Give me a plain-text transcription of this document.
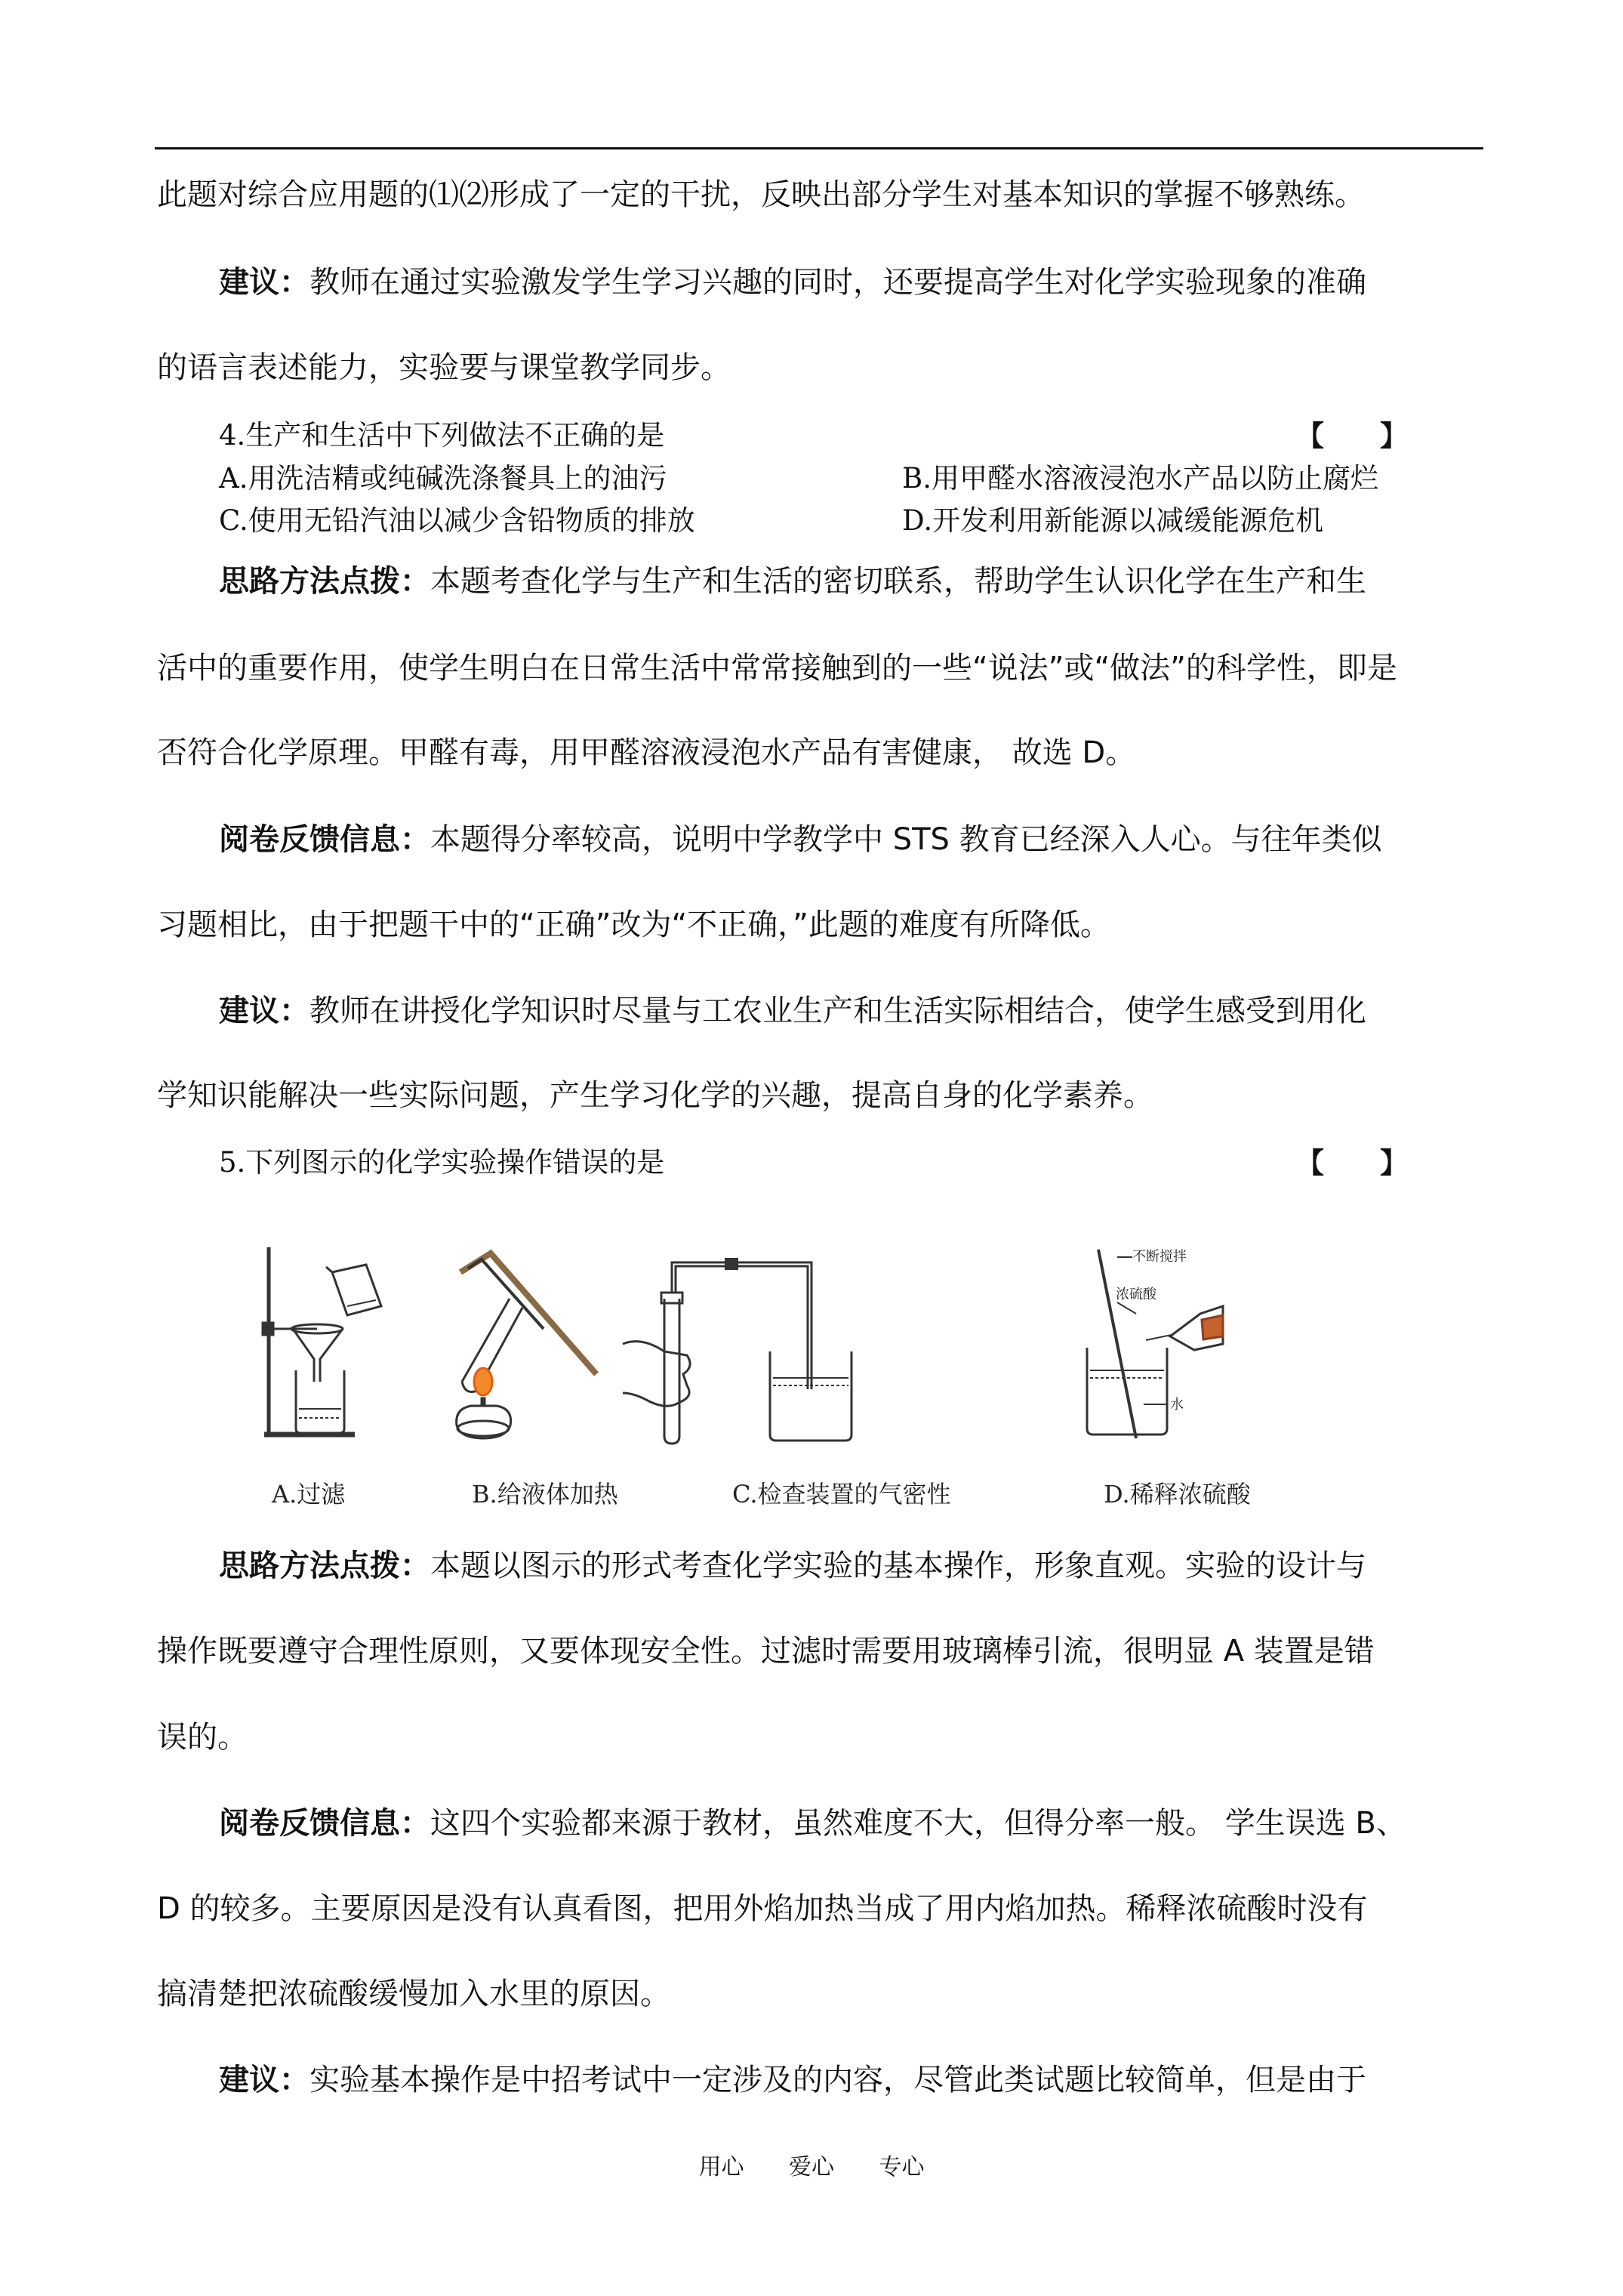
此题对综合应用题的⑴⑵形成了一定的干扰，反映出部分学生对基本知识的掌握不够熟练。
建议：教师在通过实验激发学生学习兴趣的同时，还要提高学生对化学实验现象的准确
的语言表述能力，实验要与课堂教学同步。
4.生产和生活中下列做法不正确的是	【　　】
A.用洗洁精或纯碱洗涤餐具上的油污	B.用甲醛水溶液浸泡水产品以防止腐烂
C.使用无铅汽油以减少含铅物质的排放	D.开发利用新能源以减缓能源危机
思路方法点拨：本题考查化学与生产和生活的密切联系，帮助学生认识化学在生产和生
活中的重要作用，使学生明白在日常生活中常常接触到的一些“说法”或“做法”的科学性，即是
否符合化学原理。甲醛有毒，用甲醛溶液浸泡水产品有害健康， 故选 D。
阅卷反馈信息：本题得分率较高，说明中学教学中 STS 教育已经深入人心。与往年类似
习题相比，由于把题干中的“正确”改为“不正确，”此题的难度有所降低。
建议：教师在讲授化学知识时尽量与工农业生产和生活实际相结合，使学生感受到用化
学知识能解决一些实际问题，产生学习化学的兴趣，提高自身的化学素养。
5.下列图示的化学实验操作错误的是	【　　】
不断搅拌
浓硫酸
水
A.过滤	B.给液体加热	C.检查装置的气密性	D.稀释浓硫酸
思路方法点拨：本题以图示的形式考查化学实验的基本操作，形象直观。实验的设计与
操作既要遵守合理性原则，又要体现安全性。过滤时需要用玻璃棒引流，很明显 A 装置是错
误的。
阅卷反馈信息：这四个实验都来源于教材，虽然难度不大，但得分率一般。 学生误选 B、
D 的较多。主要原因是没有认真看图，把用外焰加热当成了用内焰加热。稀释浓硫酸时没有
搞清楚把浓硫酸缓慢加入水里的原因。
建议：实验基本操作是中招考试中一定涉及的内容，尽管此类试题比较简单，但是由于
用心 爱心 专心
